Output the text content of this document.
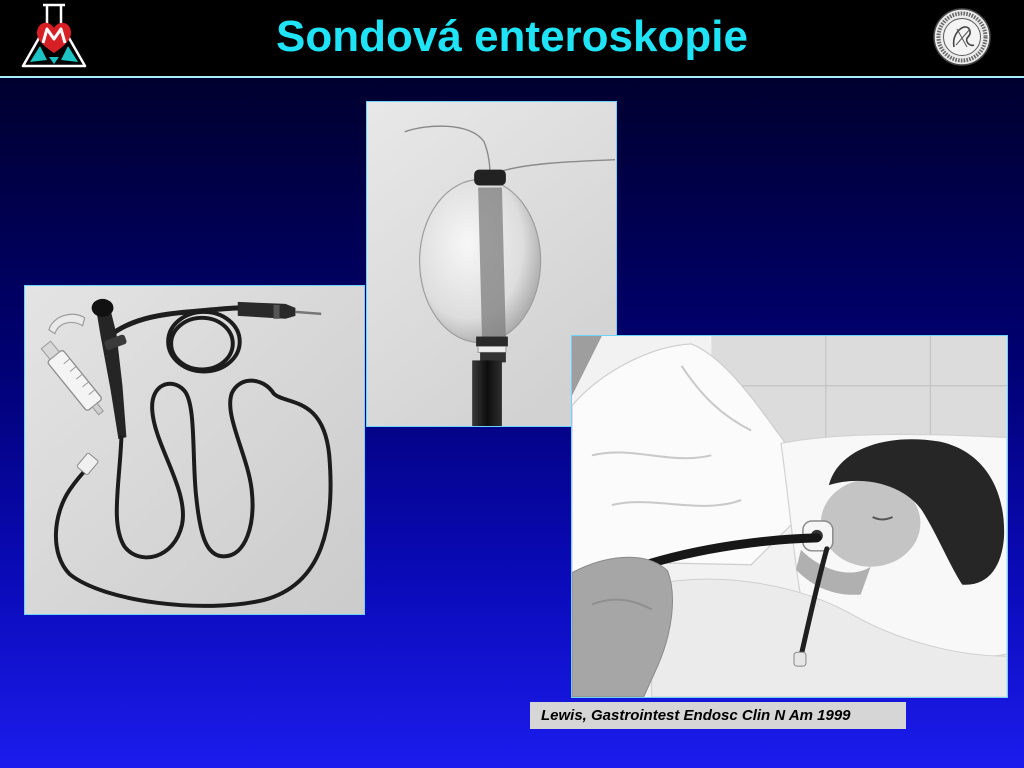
Sondová enteroskopie
Lewis, Gastrointest Endosc Clin N Am 1999
